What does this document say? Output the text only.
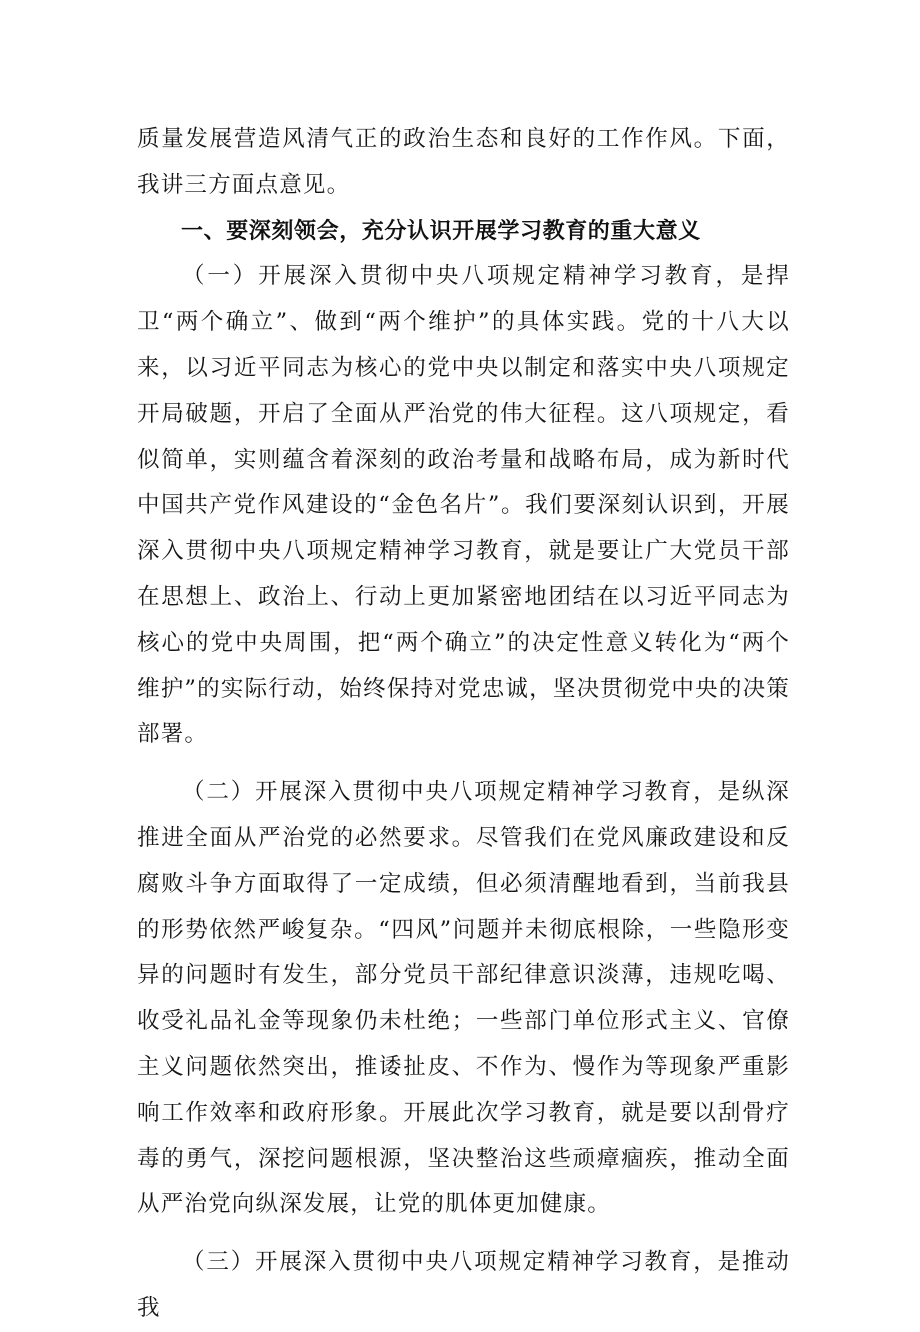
质量发展营造风清气正的政治生态和良好的工作作风。下面，我讲三方面点意见。

一、要深刻领会，充分认识开展学习教育的重大意义

（一）开展深入贯彻中央八项规定精神学习教育，是捍卫“两个确立”、做到“两个维护”的具体实践。党的十八大以来，以习近平同志为核心的党中央以制定和落实中央八项规定开局破题，开启了全面从严治党的伟大征程。这八项规定，看似简单，实则蕴含着深刻的政治考量和战略布局，成为新时代中国共产党作风建设的“金色名片”。我们要深刻认识到，开展深入贯彻中央八项规定精神学习教育，就是要让广大党员干部在思想上、政治上、行动上更加紧密地团结在以习近平同志为核心的党中央周围，把“两个确立”的决定性意义转化为“两个维护”的实际行动，始终保持对党忠诚，坚决贯彻党中央的决策部署。

（二）开展深入贯彻中央八项规定精神学习教育，是纵深推进全面从严治党的必然要求。尽管我们在党风廉政建设和反腐败斗争方面取得了一定成绩，但必须清醒地看到，当前我县的形势依然严峻复杂。“四风”问题并未彻底根除，一些隐形变异的问题时有发生，部分党员干部纪律意识淡薄，违规吃喝、收受礼品礼金等现象仍未杜绝；一些部门单位形式主义、官僚主义问题依然突出，推诿扯皮、不作为、慢作为等现象严重影响工作效率和政府形象。开展此次学习教育，就是要以刮骨疗毒的勇气，深挖问题根源，坚决整治这些顽瘴痼疾，推动全面从严治党向纵深发展，让党的肌体更加健康。

（三）开展深入贯彻中央八项规定精神学习教育，是推动我
